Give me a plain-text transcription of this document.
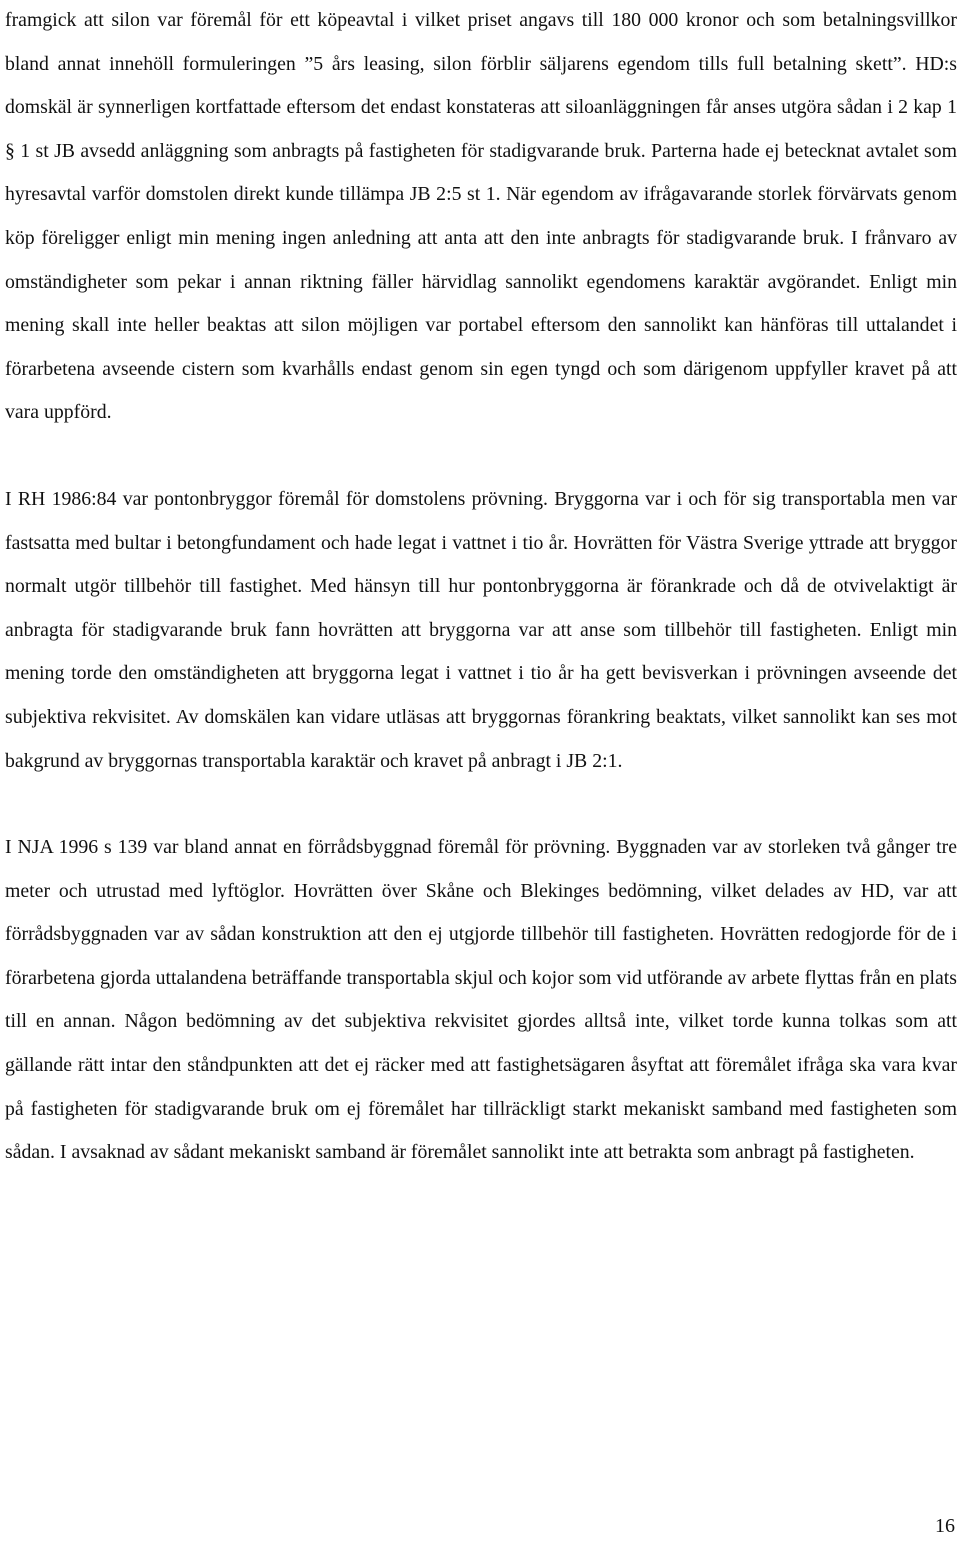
framgick att silon var föremål för ett köpeavtal i vilket priset angavs till 180 000 kronor och som betalningsvillkor bland annat innehöll formuleringen ”5 års leasing, silon förblir säljarens egendom tills full betalning skett”. HD:s domskäl är synnerligen kortfattade eftersom det endast konstateras att siloanläggningen får anses utgöra sådan i 2 kap 1 § 1 st JB avsedd anläggning som anbragts på fastigheten för stadigvarande bruk. Parterna hade ej betecknat avtalet som hyresavtal varför domstolen direkt kunde tillämpa JB 2:5 st 1. När egendom av ifrågavarande storlek förvärvats genom köp föreligger enligt min mening ingen anledning att anta att den inte anbragts för stadigvarande bruk. I frånvaro av omständigheter som pekar i annan riktning fäller härvidlag sannolikt egendomens karaktär avgörandet. Enligt min mening skall inte heller beaktas att silon möjligen var portabel eftersom den sannolikt kan hänföras till uttalandet i förarbetena avseende cistern som kvarhålls endast genom sin egen tyngd och som därigenom uppfyller kravet på att vara uppförd.

I RH 1986:84 var pontonbryggor föremål för domstolens prövning. Bryggorna var i och för sig transportabla men var fastsatta med bultar i betongfundament och hade legat i vattnet i tio år. Hovrätten för Västra Sverige yttrade att bryggor normalt utgör tillbehör till fastighet. Med hänsyn till hur pontonbryggorna är förankrade och då de otvivelaktigt är anbragta för stadigvarande bruk fann hovrätten att bryggorna var att anse som tillbehör till fastigheten. Enligt min mening torde den omständigheten att bryggorna legat i vattnet i tio år ha gett bevisverkan i prövningen avseende det subjektiva rekvisitet. Av domskälen kan vidare utläsas att bryggornas förankring beaktats, vilket sannolikt kan ses mot bakgrund av bryggornas transportabla karaktär och kravet på anbragt i JB 2:1.

I NJA 1996 s 139 var bland annat en förrådsbyggnad föremål för prövning. Byggnaden var av storleken två gånger tre meter och utrustad med lyftöglor. Hovrätten över Skåne och Blekinges bedömning, vilket delades av HD, var att förrådsbyggnaden var av sådan konstruktion att den ej utgjorde tillbehör till fastigheten. Hovrätten redogjorde för de i förarbetena gjorda uttalandena beträffande transportabla skjul och kojor som vid utförande av arbete flyttas från en plats till en annan. Någon bedömning av det subjektiva rekvisitet gjordes alltså inte, vilket torde kunna tolkas som att gällande rätt intar den ståndpunkten att det ej räcker med att fastighetsägaren åsyftat att föremålet ifråga ska vara kvar på fastigheten för stadigvarande bruk om ej föremålet har tillräckligt starkt mekaniskt samband med fastigheten som sådan. I avsaknad av sådant mekaniskt samband är föremålet sannolikt inte att betrakta som anbragt på fastigheten.

16
